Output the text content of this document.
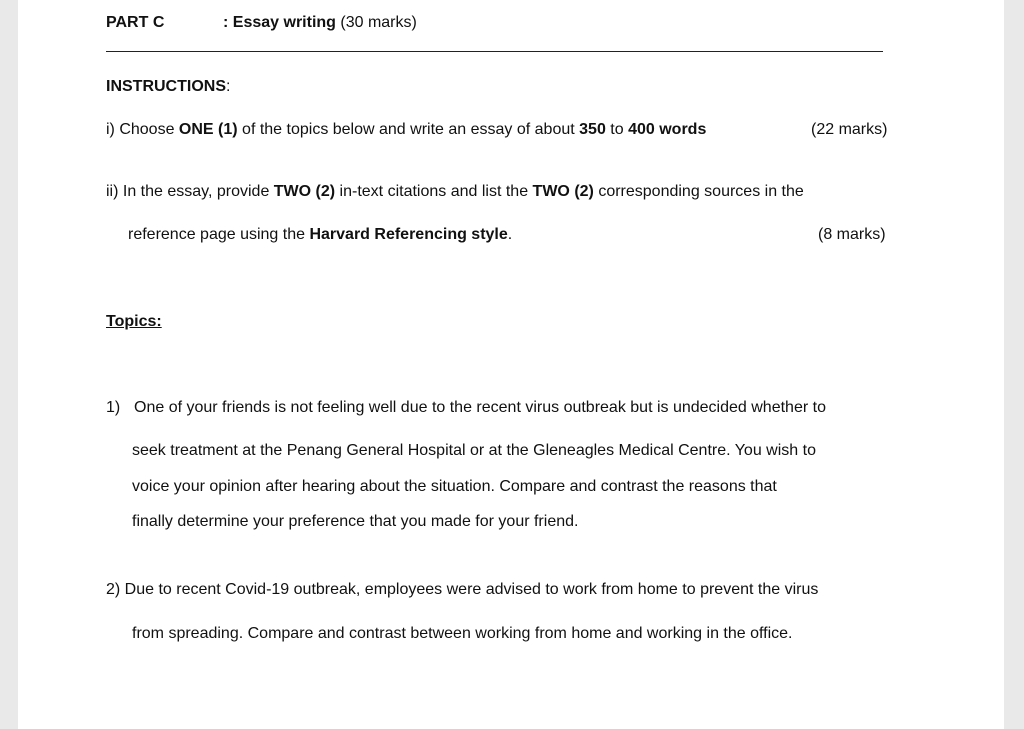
PART C	: Essay writing (30 marks)
INSTRUCTIONS:
i) Choose ONE (1) of the topics below and write an essay of about 350 to 400 words	(22 marks)
ii) In the essay, provide TWO (2) in-text citations and list the TWO (2) corresponding sources in the
reference page using the Harvard Referencing style.	(8 marks)
Topics:
1) One of your friends is not feeling well due to the recent virus outbreak but is undecided whether to
seek treatment at the Penang General Hospital or at the Gleneagles Medical Centre. You wish to
voice your opinion after hearing about the situation. Compare and contrast the reasons that
finally determine your preference that you made for your friend.
2) Due to recent Covid-19 outbreak, employees were advised to work from home to prevent the virus
from spreading. Compare and contrast between working from home and working in the office.
